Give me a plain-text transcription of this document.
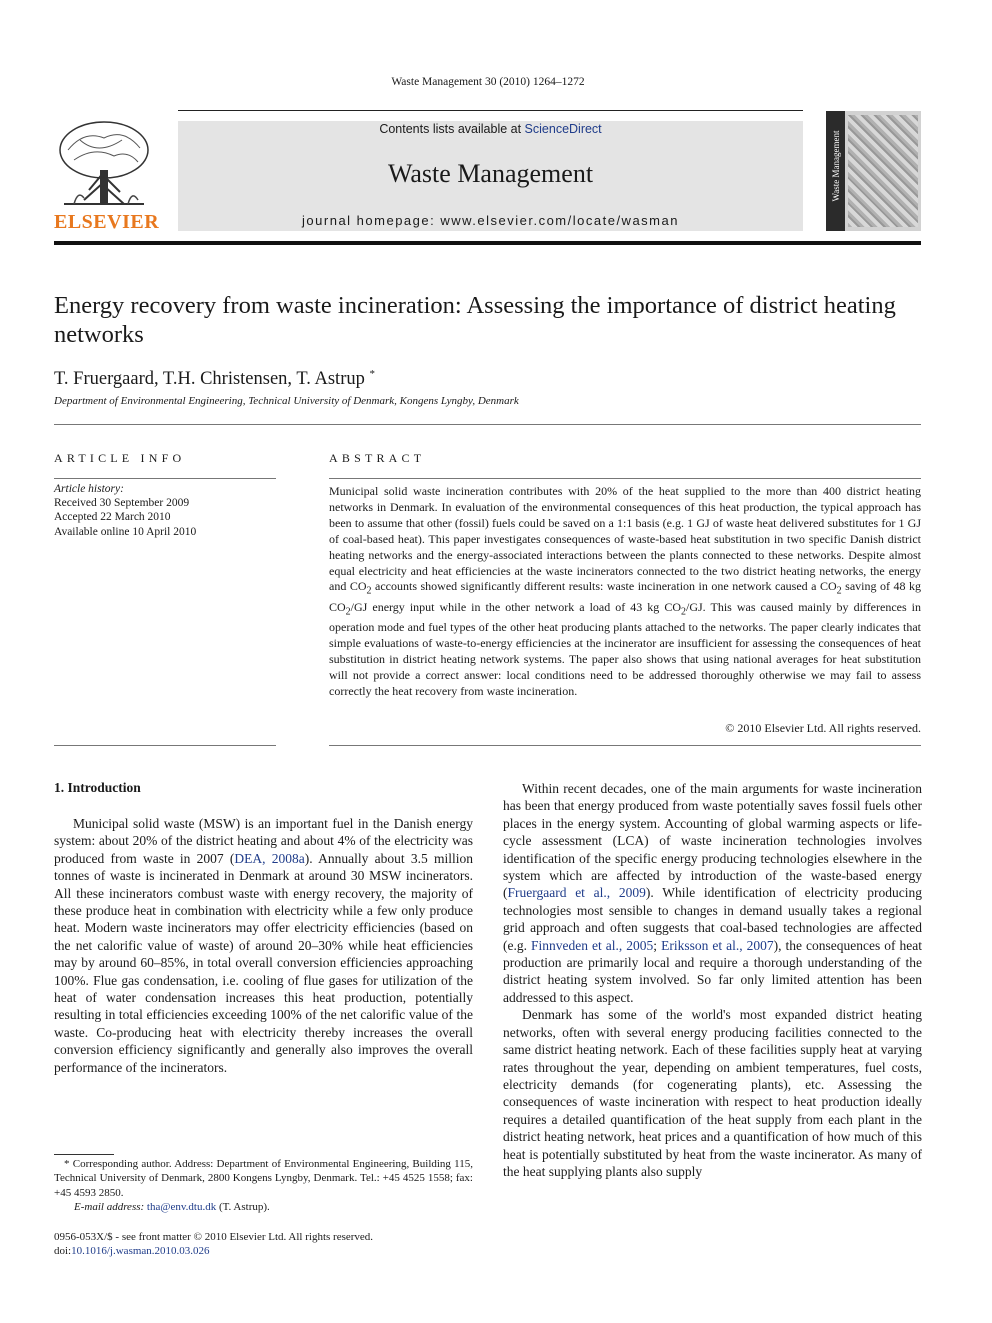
Waste Management 30 (2010) 1264–1272
ELSEVIER
Contents lists available at ScienceDirect
Waste Management
journal homepage: www.elsevier.com/locate/wasman
Waste Management
Energy recovery from waste incineration: Assessing the importance of district heating networks
T. Fruergaard, T.H. Christensen, T. Astrup *
Department of Environmental Engineering, Technical University of Denmark, Kongens Lyngby, Denmark
ARTICLE INFO
Article history:
Received 30 September 2009
Accepted 22 March 2010
Available online 10 April 2010
ABSTRACT
Municipal solid waste incineration contributes with 20% of the heat supplied to the more than 400 district heating networks in Denmark. In evaluation of the environmental consequences of this heat production, the typical approach has been to assume that other (fossil) fuels could be saved on a 1:1 basis (e.g. 1 GJ of waste heat delivered substitutes for 1 GJ of coal-based heat). This paper investigates consequences of waste-based heat substitution in two specific Danish district heating networks and the energy-associated interactions between the plants connected to these networks. Despite almost equal electricity and heat efficiencies at the waste incinerators connected to the two district heating networks, the energy and $CO_2$ accounts showed significantly different results: waste incineration in one network caused a $CO_2$ saving of 48 kg $CO_2/GJ$ energy input while in the other network a load of 43 kg $CO_2/GJ$. This was caused mainly by differences in operation mode and fuel types of the other heat producing plants attached to the networks. The paper clearly indicates that simple evaluations of waste-to-energy efficiencies at the incinerator are insufficient for assessing the consequences of heat substitution in district heating network systems. The paper also shows that using national averages for heat substitution will not provide a correct answer: local conditions need to be addressed thoroughly otherwise we may fail to assess correctly the heat recovery from waste incineration.
© 2010 Elsevier Ltd. All rights reserved.
1. Introduction

Municipal solid waste (MSW) is an important fuel in the Danish energy system: about 20% of the district heating and about 4% of the electricity was produced from waste in 2007 (DEA, 2008a). Annually about 3.5 million tonnes of waste is incinerated in Denmark at around 30 MSW incinerators. All these incinerators combust waste with energy recovery, the majority of these produce heat in combination with electricity while a few only produce heat. Modern waste incinerators may offer electricity efficiencies (based on the net calorific value of waste) of around 20–30% while heat efficiencies may by around 60–85%, in total overall conversion efficiencies approaching 100%. Flue gas condensation, i.e. cooling of flue gases for utilization of the heat of water condensation increases this heat production, potentially resulting in total efficiencies exceeding 100% of the net calorific value of the waste. Co-producing heat with electricity thereby increases the overall conversion efficiency significantly and generally also improves the overall performance of the incinerators.

Within recent decades, one of the main arguments for waste incineration has been that energy produced from waste potentially saves fossil fuels other places in the energy system. Accounting of global warming aspects or life-cycle assessment (LCA) of waste incineration technologies involves identification of the specific energy producing technologies elsewhere in the system which are affected by introduction of the waste-based energy (Fruergaard et al., 2009). While identification of electricity producing technologies most sensible to changes in demand usually takes a regional grid approach and often suggests that coal-based technologies are affected (e.g. Finnveden et al., 2005; Eriksson et al., 2007), the consequences of heat production are primarily local and require a thorough understanding of the district heating system involved. So far only limited attention has been addressed to this aspect.

Denmark has some of the world's most expanded district heating networks, often with several energy producing facilities connected to the same district heating network. Each of these facilities supply heat at varying rates throughout the year, depending on ambient temperatures, fuel costs, electricity demands (for cogenerating plants), etc. Assessing the consequences of waste incineration with respect to heat production ideally requires a detailed quantification of the heat supply from each plant in the district heating network, heat prices and a quantification of how much of this heat is potentially substituted by heat from the waste incinerator. As many of the heat supplying plants also supply

* Corresponding author. Address: Department of Environmental Engineering, Building 115, Technical University of Denmark, 2800 Kongens Lyngby, Denmark. Tel.: +45 4525 1558; fax: +45 4593 2850.
E-mail address: tha@env.dtu.dk (T. Astrup).
0956-053X/$ - see front matter © 2010 Elsevier Ltd. All rights reserved.
doi:10.1016/j.wasman.2010.03.026
